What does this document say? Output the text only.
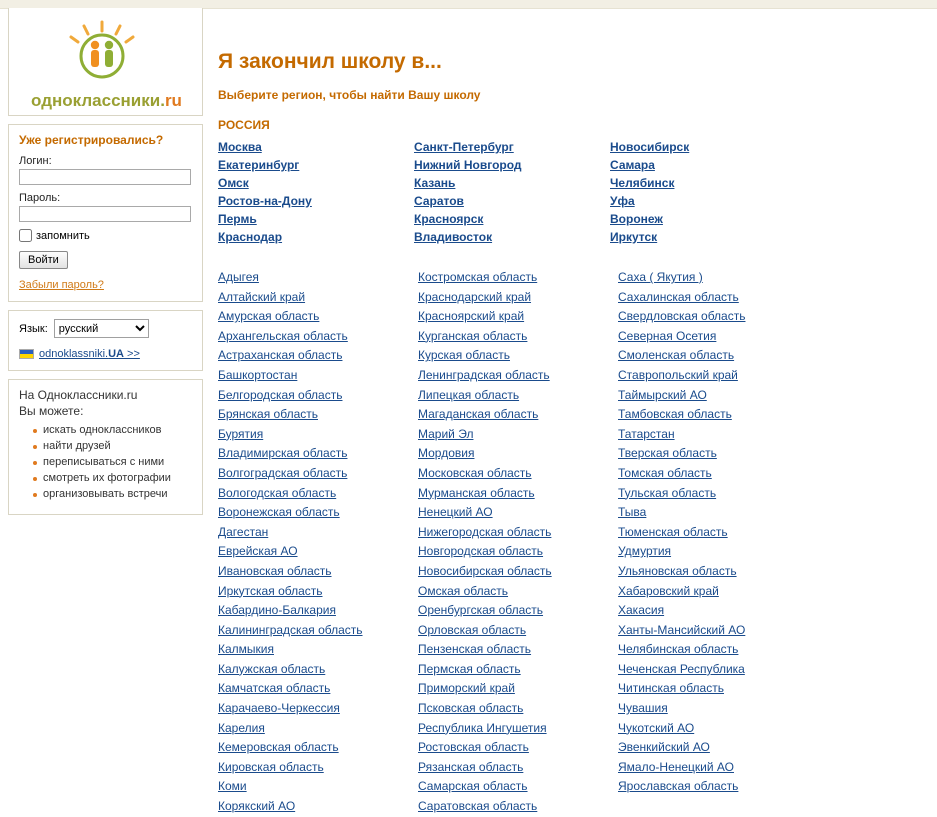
одноклассники.ru
Уже регистрировались?
Логин:
Пароль:
запомнить
Войти
Забыли пароль?
Язык:
русский
odnoklassniki.UA >>
На Одноклассники.ru
Вы можете:
искать одноклассников
найти друзей
переписываться с ними
смотреть их фотографии
организовывать встречи
Я закончил школу в...
Выберите регион, чтобы найти Вашу школу
РОССИЯ
Москва
Екатеринбург
Омск
Ростов-на-Дону
Пермь
Краснодар
Санкт-Петербург
Нижний Новгород
Казань
Саратов
Красноярск
Владивосток
Новосибирск
Самара
Челябинск
Уфа
Воронеж
Иркутск
Адыгея
Алтайский край
Амурская область
Архангельская область
Астраханская область
Башкортостан
Белгородская область
Брянская область
Бурятия
Владимирская область
Волгоградская область
Вологодская область
Воронежская область
Дагестан
Еврейская АО
Ивановская область
Иркутская область
Кабардино-Балкария
Калининградская область
Калмыкия
Калужская область
Камчатская область
Карачаево-Черкессия
Карелия
Кемеровская область
Кировская область
Коми
Корякский АО
Костромская область
Краснодарский край
Красноярский край
Курганская область
Курская область
Ленинградская область
Липецкая область
Магаданская область
Марий Эл
Мордовия
Московская область
Мурманская область
Ненецкий АО
Нижегородская область
Новгородская область
Новосибирская область
Омская область
Оренбургская область
Орловская область
Пензенская область
Пермская область
Приморский край
Псковская область
Республика Ингушетия
Ростовская область
Рязанская область
Самарская область
Саратовская область
Саха ( Якутия )
Сахалинская область
Свердловская область
Северная Осетия
Смоленская область
Ставропольский край
Таймырский АО
Тамбовская область
Татарстан
Тверская область
Томская область
Тульская область
Тыва
Тюменская область
Удмуртия
Ульяновская область
Хабаровский край
Хакасия
Ханты-Мансийский АО
Челябинская область
Чеченская Республика
Читинская область
Чувашия
Чукотский АО
Эвенкийский АО
Ямало-Ненецкий АО
Ярославская область
